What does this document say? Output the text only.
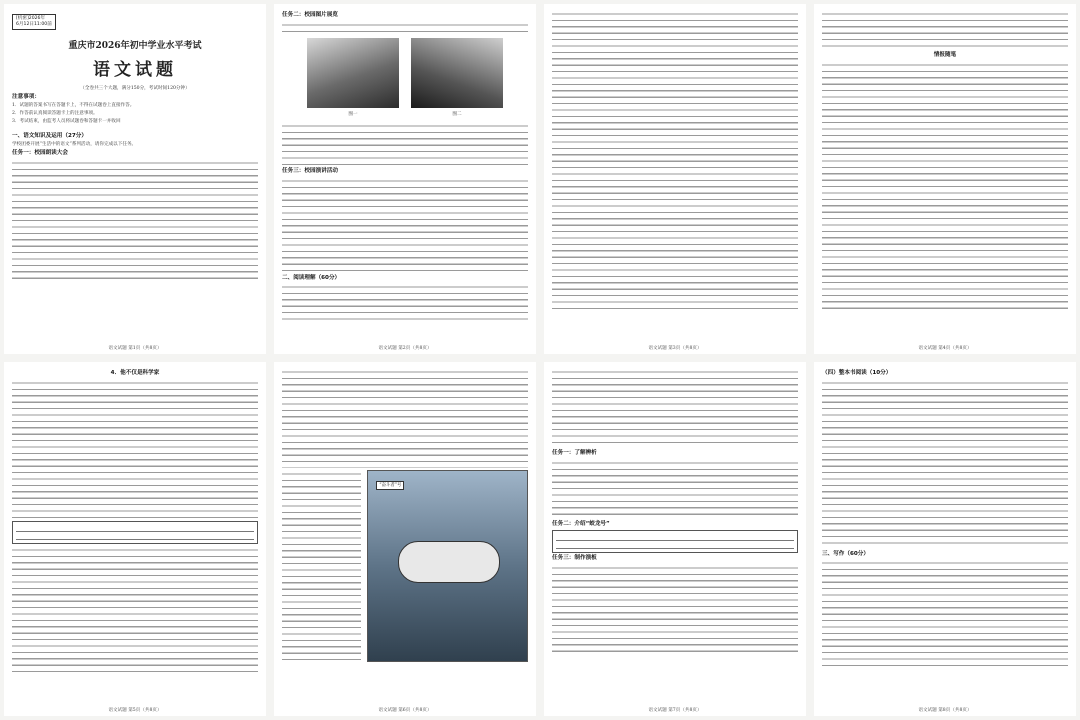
[机密]2026年
6月12日11:00前
重庆市2026年初中学业水平考试
语文试题
（全卷共三个大题，满分150分，考试时间120分钟）
注意事项：
1．试题的答案书写在答题卡上，不得在试题卷上直接作答。
2．作答前认真阅读答题卡上的注意事项。
3．考试结束，由监考人员将试题卷和答题卡一并收回
一、语文知识及运用（27分）
学校团委开展“生活中的语文”系列活动，请你完成以下任务。
任务一：校园朗读大会
语文试题 第1页（共8页）
任务二：校园图片展览
图一	图二
任务三：校园演讲活动
二、阅读理解（60分）
语文试题 第2页（共8页）	语文试题 第3页（共8页）
情报随笔
语文试题 第4页（共8页）
4．他不仅是科学家
语文试题 第5页（共8页）
“奋斗者”号
语文试题 第6页（共8页）
任务一：了解辨析
任务二：介绍“蛟龙号”
任务三：制作演板
语文试题 第7页（共8页）
（四）整本书阅读（10分）
三、写作（60分）
语文试题 第8页（共8页）
